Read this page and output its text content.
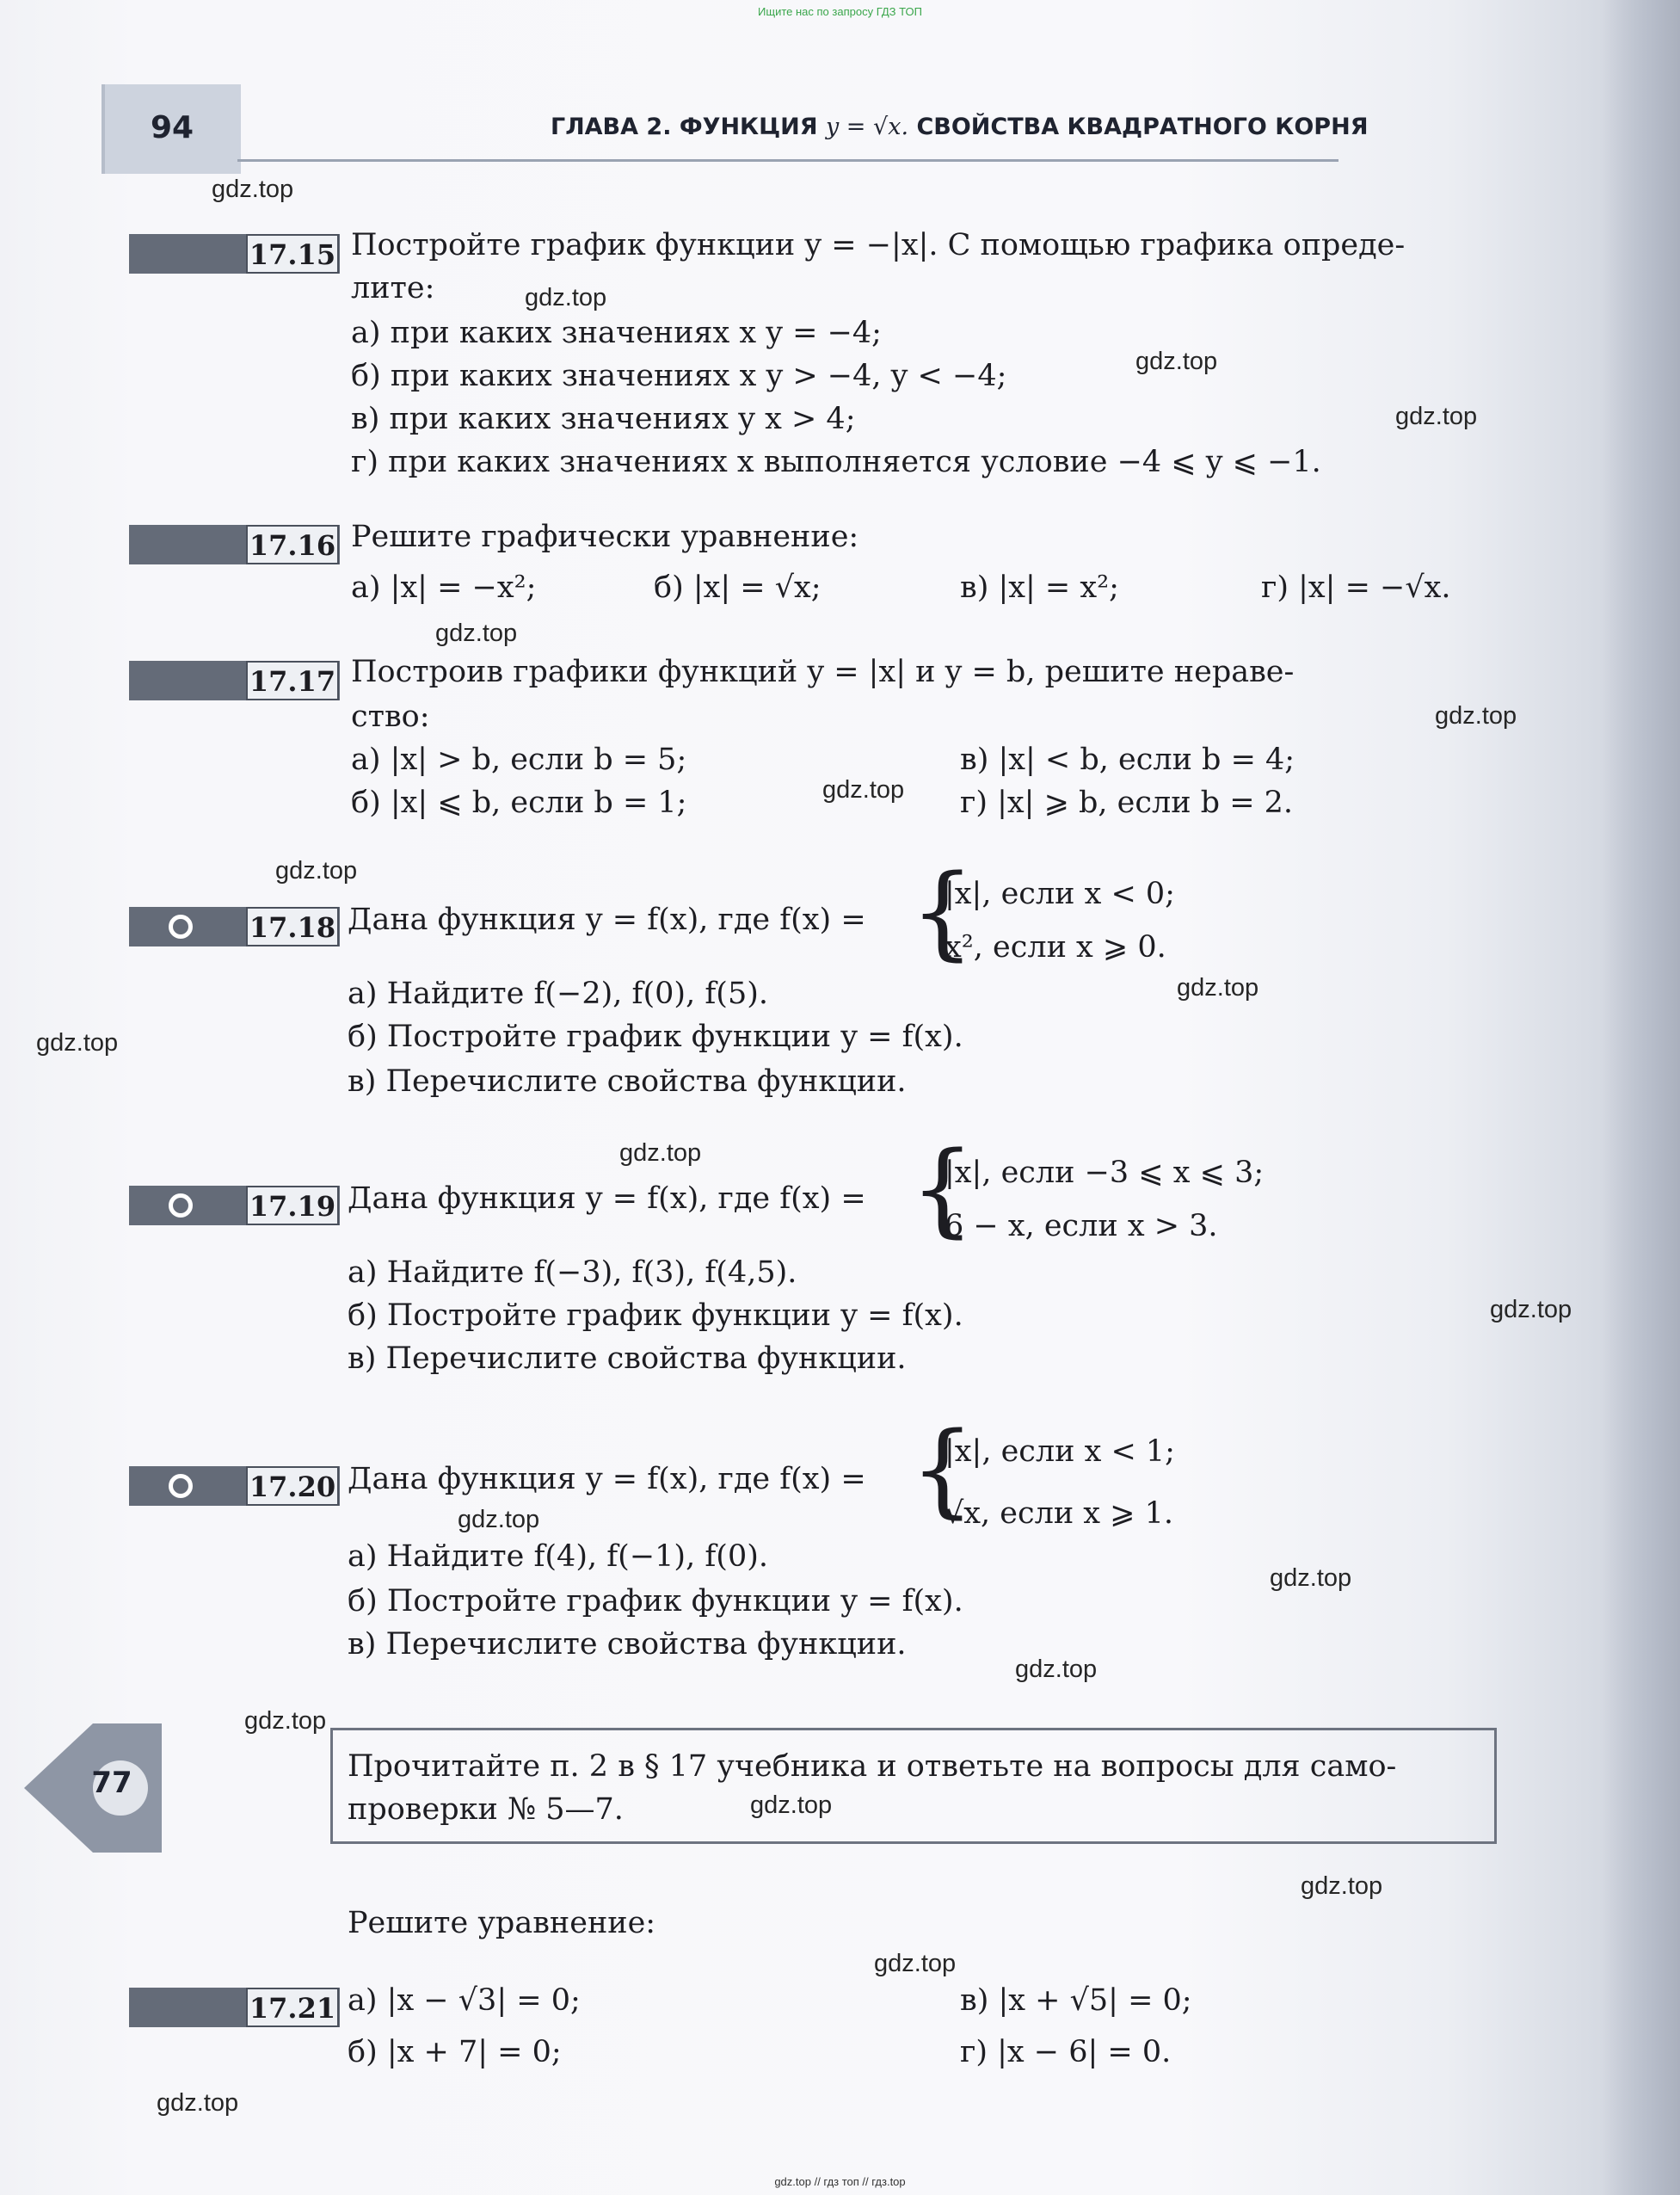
Ищите нас по запросу ГДЗ ТОП
94	ГЛАВА 2. ФУНКЦИЯ y = √x. СВОЙСТВА КВАДРАТНОГО КОРНЯ
17.15 Постройте график функции y = −|x|. С помощью графика опреде-
лите:
а) при каких значениях x y = −4;
б) при каких значениях x y > −4, y < −4;
в) при каких значениях y x > 4;
г) при каких значениях x выполняется условие −4 ⩽ y ⩽ −1.
17.16 Решите графически уравнение:
а) |x| = −x²;	б) |x| = √x;	в) |x| = x²;	г) |x| = −√x.
17.17 Построив графики функций y = |x| и y = b, решите нераве-
ство:
а) |x| > b, если b = 5;
б) |x| ⩽ b, если b = 1;
в) |x| < b, если b = 4;
г) |x| ⩾ b, если b = 2.
17.18 Дана функция y = f(x), где f(x) = {
|x|, если x < 0;
x², если x ⩾ 0.
а) Найдите f(−2), f(0), f(5).
б) Постройте график функции y = f(x).
в) Перечислите свойства функции.
17.19 Дана функция y = f(x), где f(x) = {
|x|, если −3 ⩽ x ⩽ 3;
6 − x, если x > 3.
а) Найдите f(−3), f(3), f(4,5).
б) Постройте график функции y = f(x).
в) Перечислите свойства функции.
17.20 Дана функция y = f(x), где f(x) = {
|x|, если x < 1;
√x, если x ⩾ 1.
а) Найдите f(4), f(−1), f(0).
б) Постройте график функции y = f(x).
в) Перечислите свойства функции.
77	Прочитайте п. 2 в § 17 учебника и ответьте на вопросы для само-
проверки № 5—7.
Решите уравнение:
17.21 а) |x − √3| = 0;
б) |x + 7| = 0;
в) |x + √5| = 0;
г) |x − 6| = 0.
gdz.top
gdz.top
gdz.top
gdz.top
gdz.top
gdz.top
gdz.top
gdz.top
gdz.top
gdz.top
gdz.top
gdz.top
gdz.top
gdz.top
gdz.top
gdz.top
gdz.top
gdz.top
gdz.top
gdz.top
gdz.top // гдз топ // гдз.top
